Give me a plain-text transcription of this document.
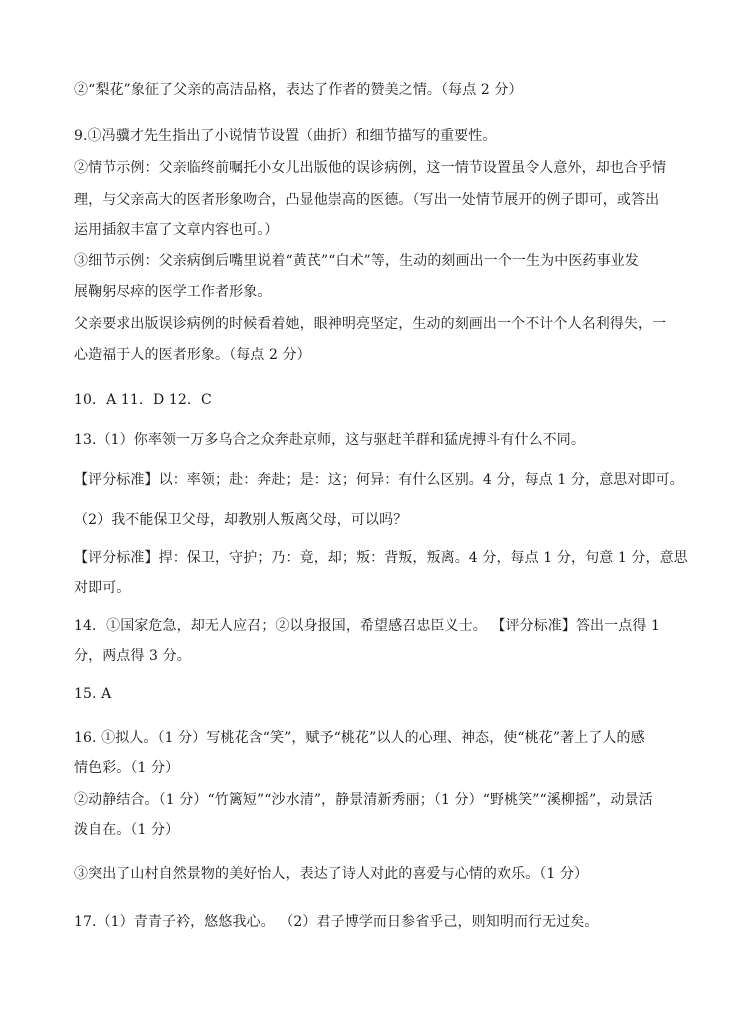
②“梨花”象征了父亲的高洁品格，表达了作者的赞美之情。（每点 2 分）
9.①冯骥才先生指出了小说情节设置（曲折）和细节描写的重要性。
②情节示例：父亲临终前嘱托小女儿出版他的误诊病例，这一情节设置虽令人意外，却也合乎情
理，与父亲高大的医者形象吻合，凸显他崇高的医德。（写出一处情节展开的例子即可，或答出
运用插叙丰富了文章内容也可。）
③细节示例：父亲病倒后嘴里说着“黄芪”“白术”等，生动的刻画出一个一生为中医药事业发
展鞠躬尽瘁的医学工作者形象。
父亲要求出版误诊病例的时候看着她，眼神明亮坚定，生动的刻画出一个不计个人名利得失，一
心造福于人的医者形象。（每点 2 分）
10．A 11．D 12．C
13.（1）你率领一万多乌合之众奔赴京师，这与驱赶羊群和猛虎搏斗有什么不同。
【评分标准】以：率领；赴：奔赴；是：这；何异：有什么区别。4 分，每点 1 分，意思对即可。
（2）我不能保卫父母，却教别人叛离父母，可以吗？
【评分标准】捍：保卫，守护；乃：竟，却；叛：背叛，叛离。4 分，每点 1 分，句意 1 分，意思
对即可。
14．①国家危急，却无人应召；②以身报国，希望感召忠臣义士。 【评分标准】答出一点得 1
分，两点得 3 分。
15. A
16. ①拟人。（1 分）写桃花含“笑”，赋予“桃花”以人的心理、神态，使“桃花”著上了人的感
情色彩。（1 分）
②动静结合。（1 分）“竹篱短”“沙水清”，静景清新秀丽；（1 分）“野桃笑”“溪柳摇”，动景活
泼自在。（1 分）
③突出了山村自然景物的美好怡人，表达了诗人对此的喜爱与心情的欢乐。（1 分）
17.（1）青青子衿，悠悠我心。 （2）君子博学而日参省乎己，则知明而行无过矣。
